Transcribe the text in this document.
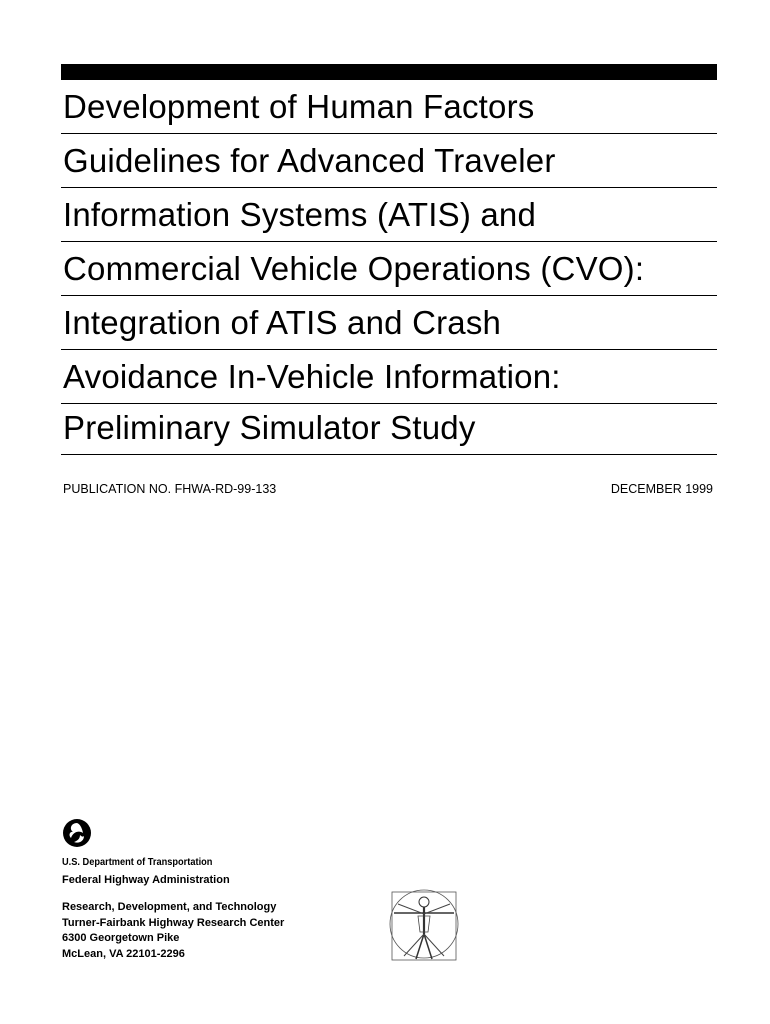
Development of Human Factors
Guidelines for Advanced Traveler
Information Systems (ATIS) and
Commercial Vehicle Operations (CVO):
Integration of ATIS and Crash
Avoidance In-Vehicle Information:
Preliminary Simulator Study
PUBLICATION NO. FHWA-RD-99-133	DECEMBER 1999
U.S. Department of Transportation
Federal Highway Administration
Research, Development, and Technology
Turner-Fairbank Highway Research Center
6300 Georgetown Pike
McLean, VA 22101-2296
